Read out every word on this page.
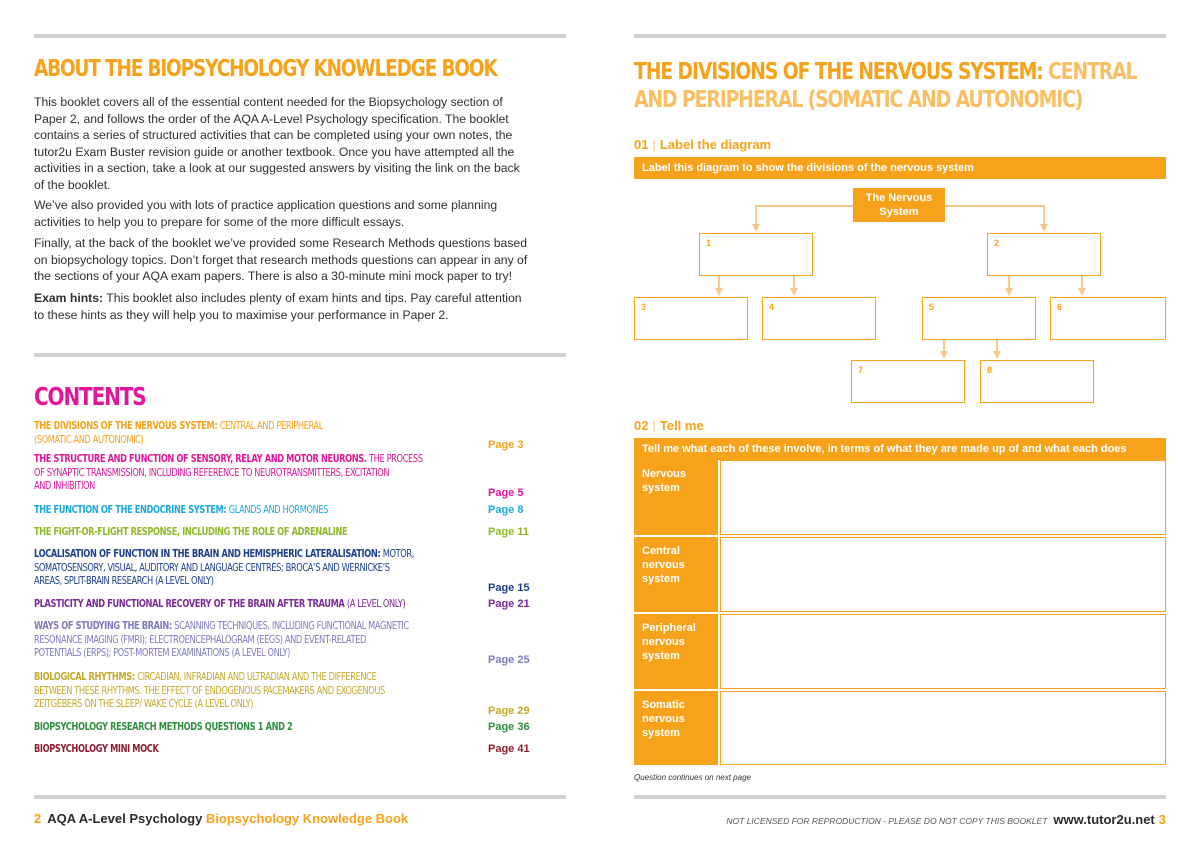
ABOUT THE BIOPSYCHOLOGY KNOWLEDGE BOOK

This booklet covers all of the essential content needed for the Biopsychology section of Paper 2, and follows the order of the AQA A-Level Psychology specification. The booklet contains a series of structured activities that can be completed using your own notes, the tutor2u Exam Buster revision guide or another textbook. Once you have attempted all the activities in a section, take a look at our suggested answers by visiting the link on the back of the booklet.

We’ve also provided you with lots of practice application questions and some planning activities to help you to prepare for some of the more difficult essays.

Finally, at the back of the booklet we’ve provided some Research Methods questions based on biopsychology topics. Don’t forget that research methods questions can appear in any of the sections of your AQA exam papers. There is also a 30-minute mini mock paper to try!

Exam hints: This booklet also includes plenty of exam hints and tips. Pay careful attention to these hints as they will help you to maximise your performance in Paper 2.

CONTENTS
THE DIVISIONS OF THE NERVOUS SYSTEM: CENTRAL AND PERIPHERAL
(SOMATIC AND AUTONOMIC)	Page 3
THE STRUCTURE AND FUNCTION OF SENSORY, RELAY AND MOTOR NEURONS. THE PROCESS
OF SYNAPTIC TRANSMISSION, INCLUDING REFERENCE TO NEUROTRANSMITTERS, EXCITATION
AND INHIBITION
Page 5
THE FUNCTION OF THE ENDOCRINE SYSTEM: GLANDS AND HORMONES	Page 8
THE FIGHT-OR-FLIGHT RESPONSE, INCLUDING THE ROLE OF ADRENALINE	Page 11
LOCALISATION OF FUNCTION IN THE BRAIN AND HEMISPHERIC LATERALISATION: MOTOR,
SOMATOSENSORY, VISUAL, AUDITORY AND LANGUAGE CENTRES; BROCA’S AND WERNICKE’S
AREAS, SPLIT-BRAIN RESEARCH (A LEVEL ONLY)
Page 15
PLASTICITY AND FUNCTIONAL RECOVERY OF THE BRAIN AFTER TRAUMA (A LEVEL ONLY)	Page 21
WAYS OF STUDYING THE BRAIN: SCANNING TECHNIQUES, INCLUDING FUNCTIONAL MAGNETIC
RESONANCE IMAGING (FMRI); ELECTROENCEPHALOGRAM (EEGS) AND EVENT-RELATED
POTENTIALS (ERPS); POST-MORTEM EXAMINATIONS (A LEVEL ONLY)
Page 25
BIOLOGICAL RHYTHMS: CIRCADIAN, INFRADIAN AND ULTRADIAN AND THE DIFFERENCE
BETWEEN THESE RHYTHMS. THE EFFECT OF ENDOGENOUS PACEMAKERS AND EXOGENOUS
ZEITGEBERS ON THE SLEEP/ WAKE CYCLE (A LEVEL ONLY)
Page 29
BIOPSYCHOLOGY RESEARCH METHODS QUESTIONS 1 AND 2	Page 36
BIOPSYCHOLOGY MINI MOCK	Page 41
THE DIVISIONS OF THE NERVOUS SYSTEM: CENTRAL
AND PERIPHERAL (SOMATIC AND AUTONOMIC)
01 | Label the diagram
Label this diagram to show the divisions of the nervous system
The Nervous System
1	2
3	4	5	6
7	8
02 | Tell me
Tell me what each of these involve, in terms of what they are made up of and what each does
Nervous system
Central nervous system
Peripheral nervous system
Somatic nervous system
Question continues on next page
2 AQA A-Level Psychology Biopsychology Knowledge Book	NOT LICENSED FOR REPRODUCTION - PLEASE DO NOT COPY THIS BOOKLET www.tutor2u.net 3
